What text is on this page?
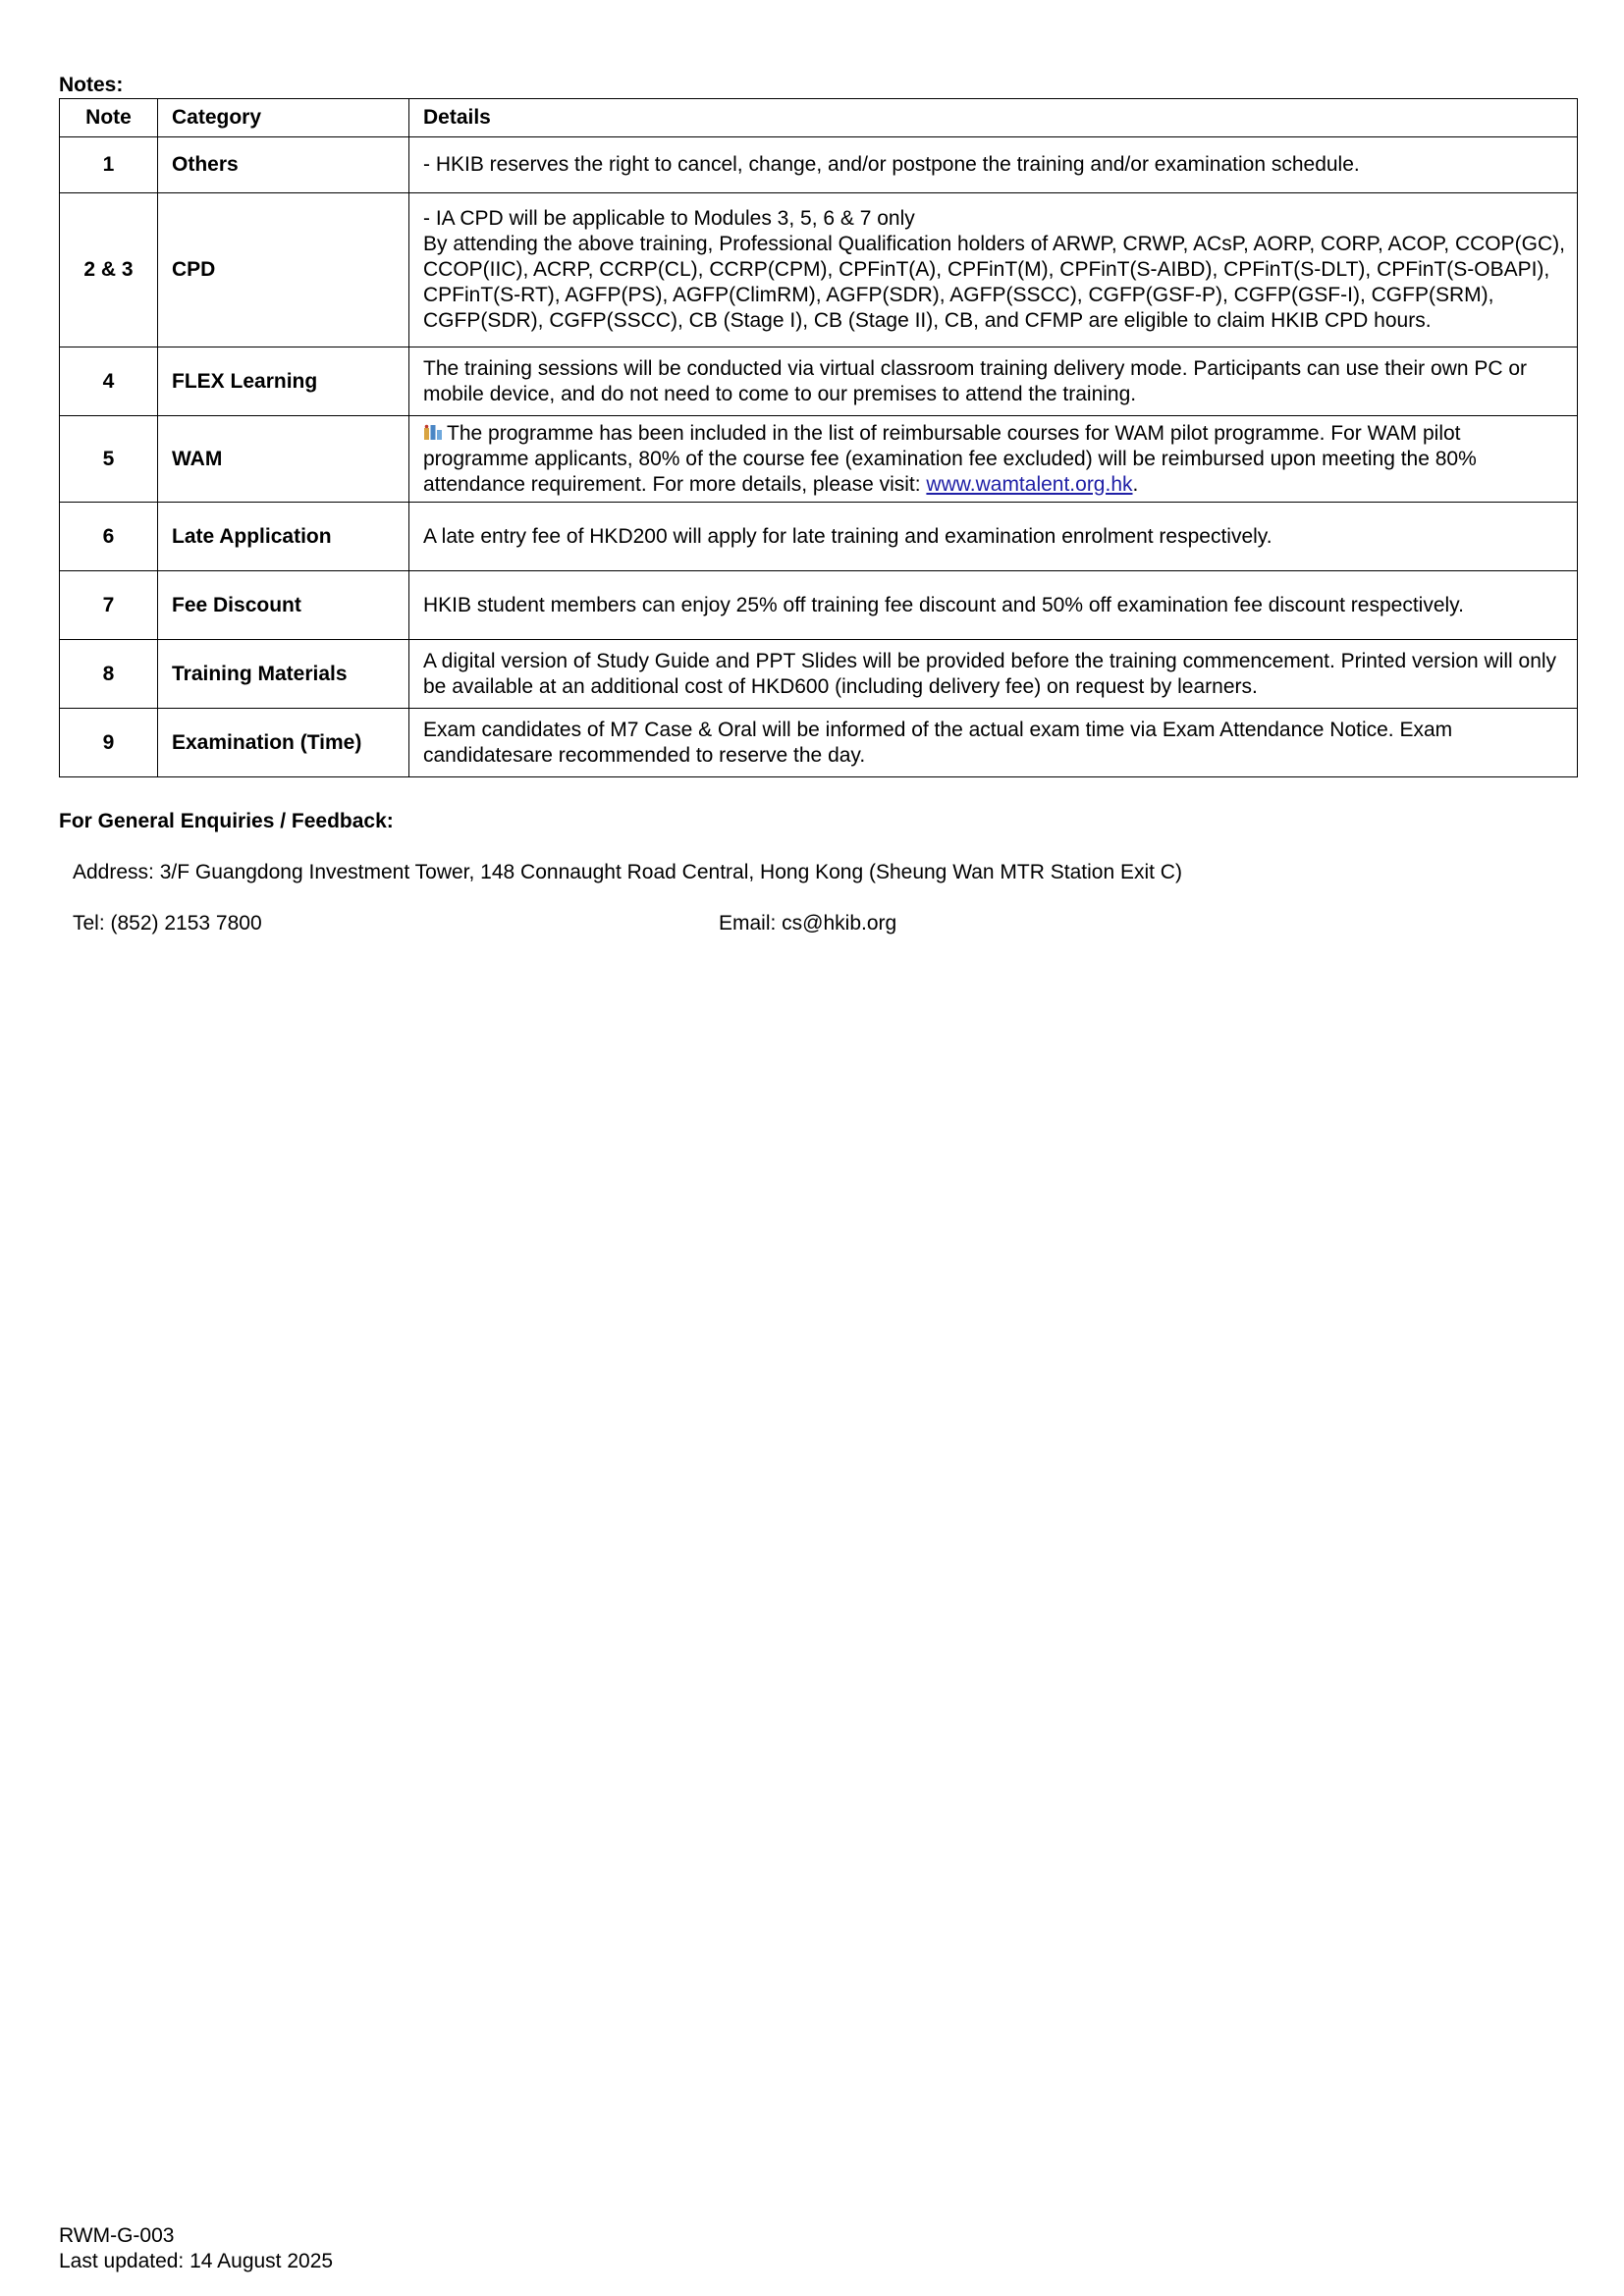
Notes:
Note	Category	Details
1	Others	- HKIB reserves the right to cancel, change, and/or postpone the training and/or examination schedule.

2 & 3	CPD	- IA CPD will be applicable to Modules 3, 5, 6 & 7 only
By attending the above training, Professional Qualification holders of ARWP, CRWP, ACsP, AORP, CORP, ACOP, CCOP(GC), CCOP(IIC), ACRP, CCRP(CL), CCRP(CPM), CPFinT(A), CPFinT(M), CPFinT(S-AIBD), CPFinT(S-DLT), CPFinT(S-OBAPI), CPFinT(S-RT), AGFP(PS), AGFP(ClimRM), AGFP(SDR), AGFP(SSCC), CGFP(GSF-P), CGFP(GSF-I), CGFP(SRM), CGFP(SDR), CGFP(SSCC), CB (Stage I), CB (Stage II), CB, and CFMP are eligible to claim HKIB CPD hours.

4	FLEX Learning	The training sessions will be conducted via virtual classroom training delivery mode. Participants can use their own PC or mobile device, and do not need to come to our premises to attend the training.

5	WAM	The programme has been included in the list of reimbursable courses for WAM pilot programme. For WAM pilot programme applicants, 80% of the course fee (examination fee excluded) will be reimbursed upon meeting the 80% attendance requirement. For more details, please visit: www.wamtalent.org.hk.
6	Late Application	A late entry fee of HKD200 will apply for late training and examination enrolment respectively.

7	Fee Discount	HKIB student members can enjoy 25% off training fee discount and 50% off examination fee discount respectively.

8	Training Materials	A digital version of Study Guide and PPT Slides will be provided before the training commencement. Printed version will only be available at an additional cost of HKD600 (including delivery fee) on request by learners.

9	Examination (Time)	Exam candidates of M7 Case & Oral will be informed of the actual exam time via Exam Attendance Notice. Exam candidatesare recommended to reserve the day.
For General Enquiries / Feedback:
Address: 3/F Guangdong Investment Tower, 148 Connaught Road Central, Hong Kong (Sheung Wan MTR Station Exit C)
Tel: (852) 2153 7800	Email: cs@hkib.org
RWM-G-003
Last updated: 14 August 2025
